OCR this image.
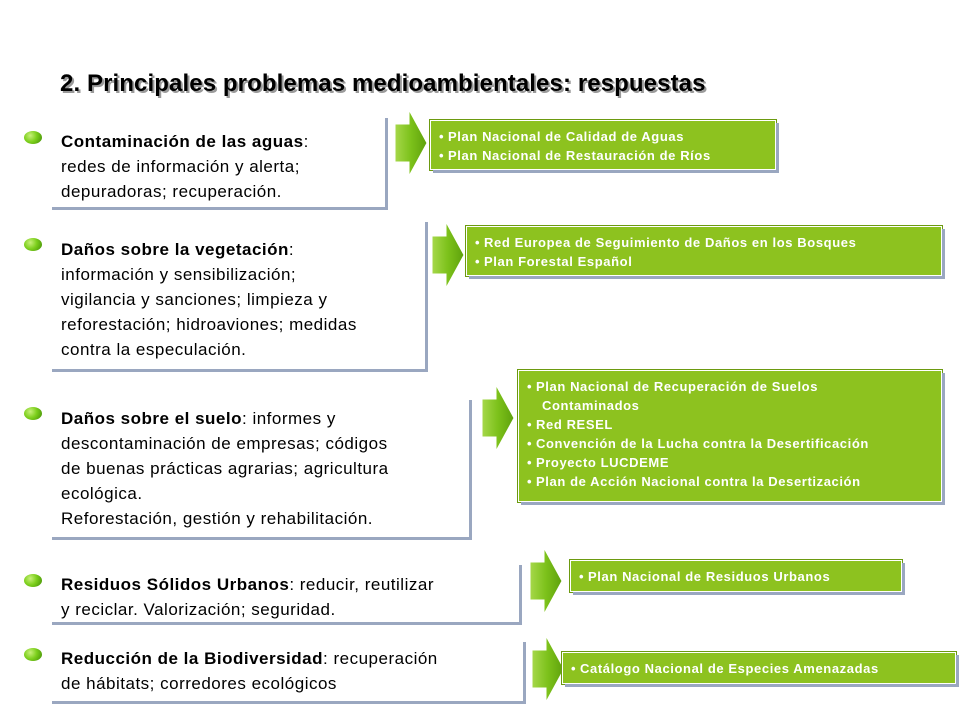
2. Principales problemas medioambientales: respuestas
Contaminación de las aguas:
redes de información y alerta;
depuradoras; recuperación.
• Plan Nacional de Calidad de Aguas
• Plan Nacional de Restauración de Ríos
Daños sobre la vegetación:
información y sensibilización;
vigilancia y sanciones; limpieza y
reforestación; hidroaviones; medidas
contra la especulación.
• Red Europea de Seguimiento de Daños en los Bosques
• Plan Forestal Español
Daños sobre el suelo: informes y
descontaminación de empresas; códigos
de buenas prácticas agrarias; agricultura
ecológica.
Reforestación, gestión y rehabilitación.
• Plan Nacional de Recuperación de Suelos
Contaminados
• Red RESEL
• Convención de la Lucha contra la Desertificación
• Proyecto LUCDEME
• Plan de Acción Nacional contra la Desertización
Residuos Sólidos Urbanos: reducir, reutilizar
y reciclar. Valorización; seguridad.
• Plan Nacional de Residuos Urbanos
Reducción de la Biodiversidad: recuperación
de hábitats; corredores ecológicos
• Catálogo Nacional de Especies Amenazadas
